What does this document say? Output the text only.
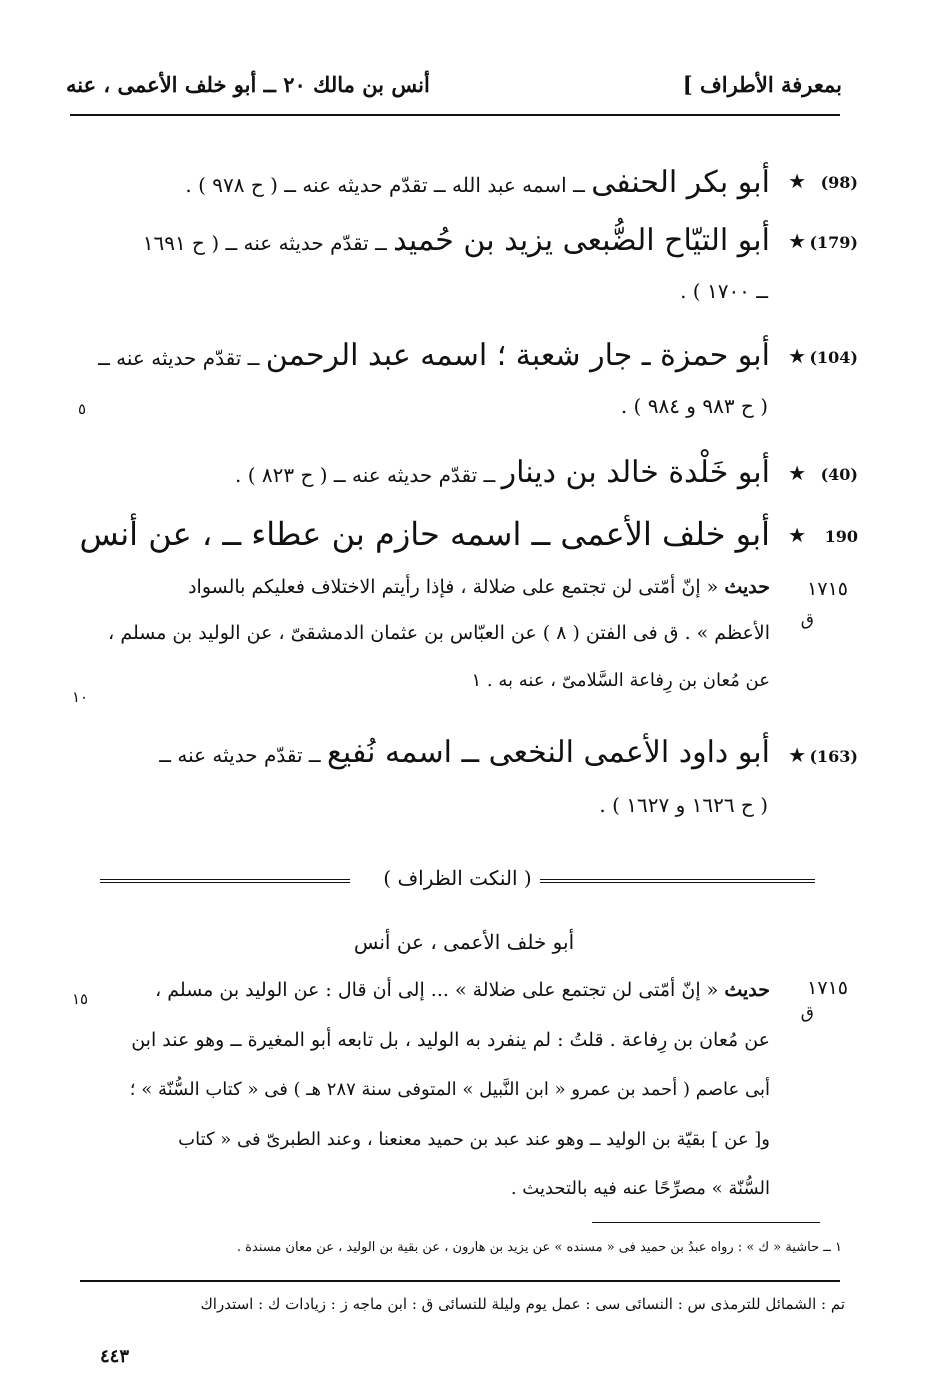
بمعرفة الأطراف ]
أنس بن مالك ٢٠ ــ أبو خلف الأعمى ، عنه
(98)
★
أبو بكر الحنفى ــ اسمه عبد الله ــ تقدّم حديثه عنه ــ ( ح ٩٧٨ ) .
(179)
★
أبو التيّاح الضُّبعى يزيد بن حُميد ــ تقدّم حديثه عنه ــ ( ح ١٦٩١
ــ ١٧٠٠ ) .
(104)
★
أبو حمزة ـ جار شعبة ؛ اسمه عبد الرحمن ــ تقدّم حديثه عنه ــ
( ح ٩٨٣ و ٩٨٤ ) .
٥
(40)
★
أبو خَلْدة خالد بن دينار ــ تقدّم حديثه عنه ــ ( ح ٨٢٣ ) .
190
★
أبو خلف الأعمى ــ اسمه حازم بن عطاء ــ ، عن أنس
١٧١٥
ق
حديث « إنّ أمّتى لن تجتمع على ضلالة ، فإذا رأيتم الاختلاف فعليكم بالسواد
الأعظم » . ق فى الفتن ( ٨ ) عن العبّاس بن عثمان الدمشقىّ ، عن الوليد بن مسلم ،
عن مُعان بن رِفاعة السَّلامىّ ، عنه به . ١
١٠
(163)
★
أبو داود الأعمى النخعى ــ اسمه نُفيع ــ تقدّم حديثه عنه ــ
( ح ١٦٢٦ و ١٦٢٧ ) .
( النكت الظراف )
أبو خلف الأعمى ، عن أنس
١٧١٥
ق
حديث « إنّ أمّتى لن تجتمع على ضلالة » ... إلى أن قال : عن الوليد بن مسلم ،
عن مُعان بن رِفاعة . قلتُ : لم ينفرد به الوليد ، بل تابعه أبو المغيرة ــ وهو عند ابن
أبى عاصم ( أحمد بن عمرو « ابن النَّبيل » المتوفى سنة ٢٨٧ هـ ) فى « كتاب السُّنّة » ؛
و[ عن ] بقيّة بن الوليد ــ وهو عند عبد بن حميد معنعنا ، وعند الطبرىّ فى « كتاب
السُّنّة » مصرِّحًا عنه فيه بالتحديث .
١٥
١ ــ حاشية « ك » : رواه عبدُ بن حميد فى « مسنده » عن يزيد بن هارون ، عن بقية بن الوليد ، عن معان مسندة .
تم : الشمائل للترمذى س : النسائى سى : عمل يوم وليلة للنسائى ق : ابن ماجه ز : زيادات ك : استدراك
٤٤٣
